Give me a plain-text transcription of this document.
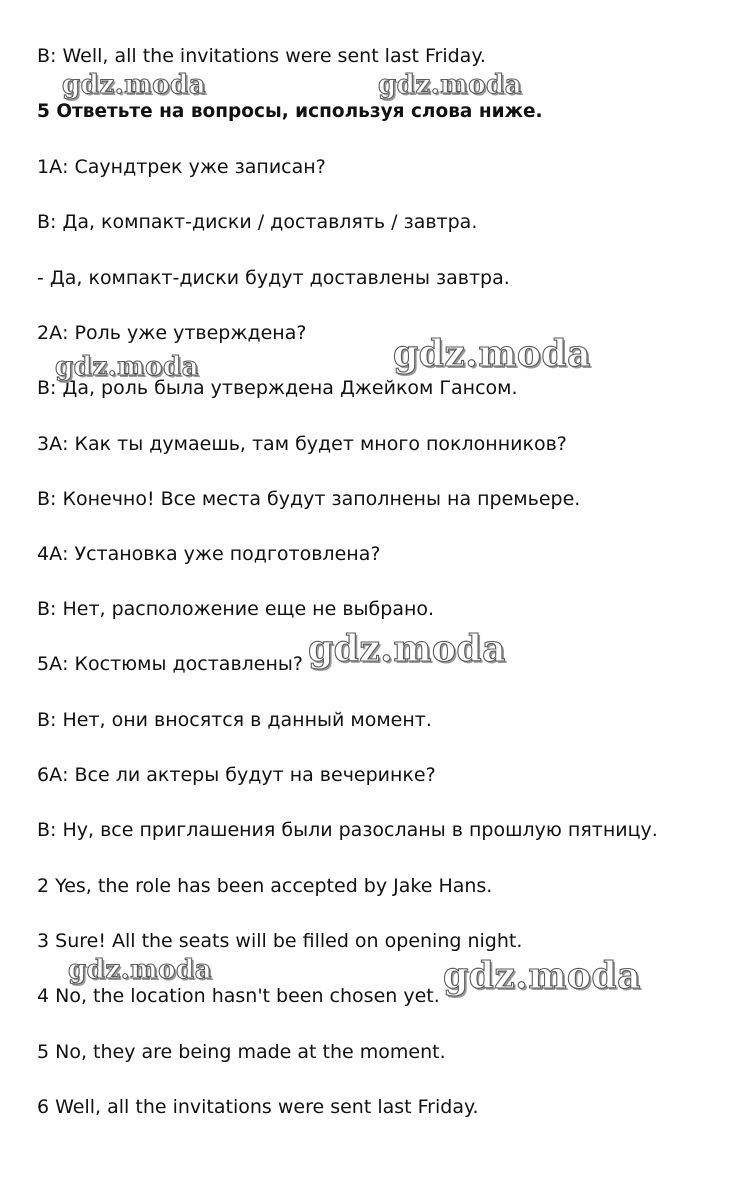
B: Well, all the invitations were sent last Friday.
5 Ответьте на вопросы, используя слова ниже.
1А: Саундтрек уже записан?
В: Да, компакт-диски / доставлять / завтра.
- Да, компакт-диски будут доставлены завтра.
2А: Роль уже утверждена?
В: Да, роль была утверждена Джейком Гансом.
3А: Как ты думаешь, там будет много поклонников?
В: Конечно! Все места будут заполнены на премьере.
4А: Установка уже подготовлена?
В: Нет, расположение еще не выбрано.
5А: Костюмы доставлены?
В: Нет, они вносятся в данный момент.
6А: Все ли актеры будут на вечеринке?
В: Ну, все приглашения были разосланы в прошлую пятницу.
2 Yes, the role has been accepted by Jake Hans.
3 Sure! All the seats will be filled on opening night.
4 No, the location hasn't been chosen yet.
5 No, they are being made at the moment.
6 Well, all the invitations were sent last Friday.
gdz.moda	gdz.moda
gdz.moda	gdz.moda
gdz.moda
gdz.moda	gdz.moda
